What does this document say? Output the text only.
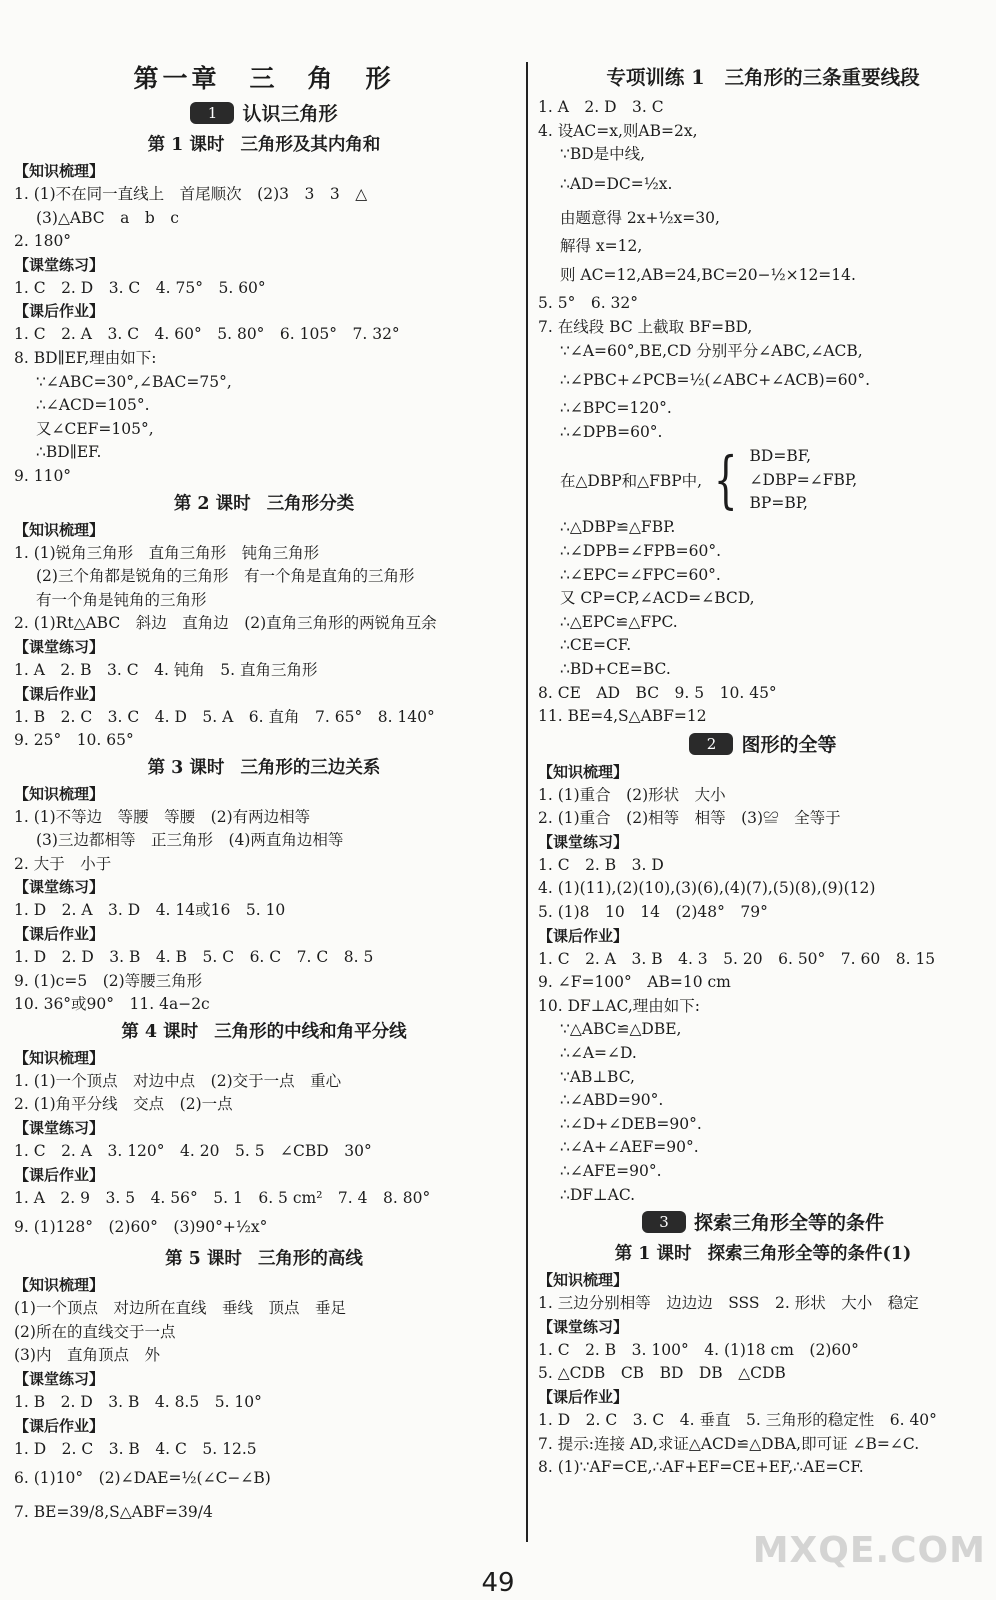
第一章　三　角　形
1 认识三角形
第 1 课时 三角形及其内角和
【知识梳理】
1. (1)不在同一直线上　首尾顺次　(2)3　3　3　△
(3)△ABC　a　b　c
2. 180°
【课堂练习】
1. C　2. D　3. C　4. 75°　5. 60°
【课后作业】
1. C　2. A　3. C　4. 60°　5. 80°　6. 105°　7. 32°
8. BD∥EF,理由如下:
∵∠ABC=30°,∠BAC=75°,
∴∠ACD=105°.
又∠CEF=105°,
∴BD∥EF.
9. 110°
第 2 课时 三角形分类
【知识梳理】
1. (1)锐角三角形　直角三角形　钝角三角形
(2)三个角都是锐角的三角形　有一个角是直角的三角形
有一个角是钝角的三角形
2. (1)Rt△ABC　斜边　直角边　(2)直角三角形的两锐角互余
【课堂练习】
1. A　2. B　3. C　4. 钝角　5. 直角三角形
【课后作业】
1. B　2. C　3. C　4. D　5. A　6. 直角　7. 65°　8. 140°
9. 25°　10. 65°
第 3 课时 三角形的三边关系
【知识梳理】
1. (1)不等边　等腰　等腰　(2)有两边相等
(3)三边都相等　正三角形　(4)两直角边相等
2. 大于　小于
【课堂练习】
1. D　2. A　3. D　4. 14或16　5. 10
【课后作业】
1. D　2. D　3. B　4. B　5. C　6. C　7. C　8. 5
9. (1)c=5　(2)等腰三角形
10. 36°或90°　11. 4a−2c
第 4 课时 三角形的中线和角平分线
【知识梳理】
1. (1)一个顶点　对边中点　(2)交于一点　重心
2. (1)角平分线　交点　(2)一点
【课堂练习】
1. C　2. A　3. 120°　4. 20　5. 5　∠CBD　30°
【课后作业】
1. A　2. 9　3. 5　4. 56°　5. 1　6. 5 cm²　7. 4　8. 80°
9. (1)128°　(2)60°　(3)90°+½x°
第 5 课时 三角形的高线
【知识梳理】
(1)一个顶点　对边所在直线　垂线　顶点　垂足
(2)所在的直线交于一点
(3)内　直角顶点　外
【课堂练习】
1. B　2. D　3. B　4. 8.5　5. 10°
【课后作业】
1. D　2. C　3. B　4. C　5. 12.5
6. (1)10°　(2)∠DAE=½(∠C−∠B)
7. BE=39/8,S△ABF=39/4
专项训练 1 三角形的三条重要线段
1. A　2. D　3. C
4. 设AC=x,则AB=2x,
∵BD是中线,
∴AD=DC=½x.
由题意得 2x+½x=30,
解得 x=12,
则 AC=12,AB=24,BC=20−½×12=14.
5. 5°　6. 32°
7. 在线段 BC 上截取 BF=BD,
∵∠A=60°,BE,CD 分别平分∠ABC,∠ACB,
∴∠PBC+∠PCB=½(∠ABC+∠ACB)=60°.
∴∠BPC=120°.
∴∠DPB=60°.
在△DBP和△FBP中, { BD=BF,
∠DBP=∠FBP,
BP=BP,
∴△DBP≌△FBP.
∴∠DPB=∠FPB=60°.
∴∠EPC=∠FPC=60°.
又 CP=CP,∠ACD=∠BCD,
∴△EPC≌△FPC.
∴CE=CF.
∴BD+CE=BC.
8. CE　AD　BC　9. 5　10. 45°
11. BE=4,S△ABF=12
2 图形的全等
【知识梳理】
1. (1)重合　(2)形状　大小
2. (1)重合　(2)相等　相等　(3)≌　全等于
【课堂练习】
1. C　2. B　3. D
4. (1)(11),(2)(10),(3)(6),(4)(7),(5)(8),(9)(12)
5. (1)8　10　14　(2)48°　79°
【课后作业】
1. C　2. A　3. B　4. 3　5. 20　6. 50°　7. 60　8. 15
9. ∠F=100°　AB=10 cm
10. DF⊥AC,理由如下:
∵△ABC≌△DBE,
∴∠A=∠D.
∵AB⊥BC,
∴∠ABD=90°.
∴∠D+∠DEB=90°.
∴∠A+∠AEF=90°.
∴∠AFE=90°.
∴DF⊥AC.
3 探索三角形全等的条件
第 1 课时 探索三角形全等的条件(1)
【知识梳理】
1. 三边分别相等　边边边　SSS　2. 形状　大小　稳定
【课堂练习】
1. C　2. B　3. 100°　4. (1)18 cm　(2)60°
5. △CDB　CB　BD　DB　△CDB
【课后作业】
1. D　2. C　3. C　4. 垂直　5. 三角形的稳定性　6. 40°
7. 提示:连接 AD,求证△ACD≌△DBA,即可证 ∠B=∠C.
8. (1)∵AF=CE,∴AF+EF=CE+EF,∴AE=CF.
49
MXQE.COM
